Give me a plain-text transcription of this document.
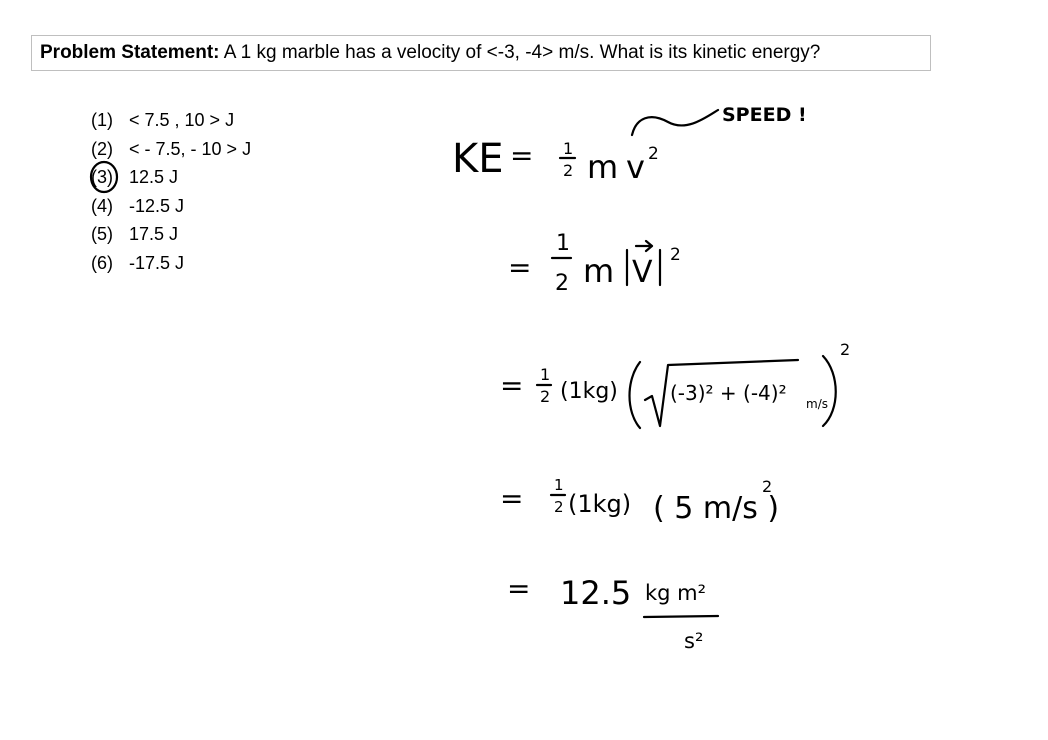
Problem Statement: A 1 kg marble has a velocity of <-3, -4> m/s. What is its kinetic energy?
(1) < 7.5 , 10 > J
(2) < - 7.5, - 10 > J
(3) 12.5 J
(4) -12.5 J
(5) 17.5 J
(6) -17.5 J
SPEED !
KE = 1
2 m v 2
=
1
2 m V 2
= 1
2 (1kg)	(-3)² + (-4)² m/s
2
= 1
2 (1kg) ( 5 m/s )
2
= 12.5 kg m²
s²
